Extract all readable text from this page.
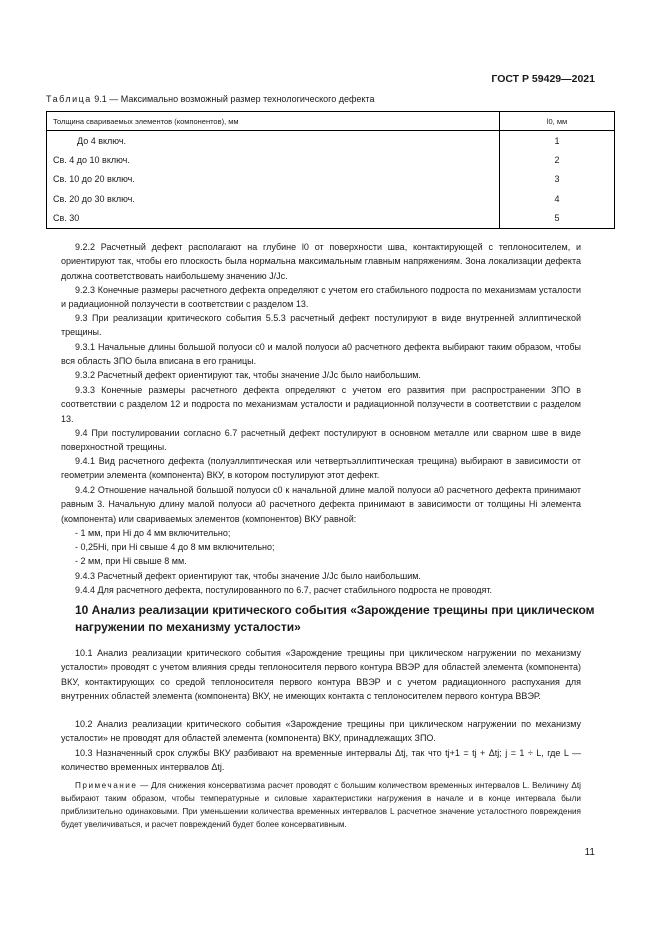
ГОСТ Р 59429—2021
Таблица 9.1 — Максимально возможный размер технологического дефекта
Толщина свариваемых элементов (компонентов), мм	l0, мм
До 4 включ.	1
Св. 4 до 10 включ.	2
Св. 10 до 20 включ.	3
Св. 20 до 30 включ.	4
Св. 30	5
9.2.2 Расчетный дефект располагают на глубине l0 от поверхности шва, контактирующей с теплоносителем, и ориентируют так, чтобы его плоскость была нормальна максимальным главным напряжениям. Зона локализации дефекта должна соответствовать наибольшему значению J/Jc.
9.2.3 Конечные размеры расчетного дефекта определяют с учетом его стабильного подроста по механизмам усталости и радиационной ползучести в соответствии с разделом 13.
9.3 При реализации критического события 5.5.3 расчетный дефект постулируют в виде внутренней эллиптической трещины.
9.3.1 Начальные длины большой полуоси c0 и малой полуоси a0 расчетного дефекта выбирают таким образом, чтобы вся область ЗПО была вписана в его границы.
9.3.2 Расчетный дефект ориентируют так, чтобы значение J/Jc было наибольшим.
9.3.3 Конечные размеры расчетного дефекта определяют с учетом его развития при распространении ЗПО в соответствии с разделом 12 и подроста по механизмам усталости и радиационной ползучести в соответствии с разделом 13.
9.4 При постулировании согласно 6.7 расчетный дефект постулируют в основном металле или сварном шве в виде поверхностной трещины.
9.4.1 Вид расчетного дефекта (полуэллиптическая или четвертьэллиптическая трещина) выбирают в зависимости от геометрии элемента (компонента) ВКУ, в котором постулируют этот дефект.
9.4.2 Отношение начальной большой полуоси c0 к начальной длине малой полуоси a0 расчетного дефекта принимают равным 3. Начальную длину малой полуоси a0 расчетного дефекта принимают в зависимости от толщины Hi элемента (компонента) или свариваемых элементов (компонентов) ВКУ равной:
- 1 мм, при Hi до 4 мм включительно;
- 0,25Hi, при Hi свыше 4 до 8 мм включительно;
- 2 мм, при Hi свыше 8 мм.
9.4.3 Расчетный дефект ориентируют так, чтобы значение J/Jc было наибольшим.
9.4.4 Для расчетного дефекта, постулированного по 6.7, расчет стабильного подроста не проводят.
10 Анализ реализации критического события «Зарождение трещины при циклическом нагружении по механизму усталости»
10.1 Анализ реализации критического события «Зарождение трещины при циклическом нагружении по механизму усталости» проводят с учетом влияния среды теплоносителя первого контура ВВЭР для областей элемента (компонента) ВКУ, контактирующих со средой теплоносителя первого контура ВВЭР и с учетом радиационного распухания для внутренних областей элемента (компонента) ВКУ, не имеющих контакта с теплоносителем первого контура ВВЭР.
10.2 Анализ реализации критического события «Зарождение трещины при циклическом нагружении по механизму усталости» не проводят для областей элемента (компонента) ВКУ, принадлежащих ЗПО.
10.3 Назначенный срок службы ВКУ разбивают на временные интервалы Δtj, так что tj+1 = tj + Δtj; j = 1 ÷ L, где L — количество временных интервалов Δtj.
Примечание — Для снижения консерватизма расчет проводят с большим количеством временных интервалов L. Величину Δtj выбирают таким образом, чтобы температурные и силовые характеристики нагружения в начале и в конце интервала были приблизительно одинаковыми. При уменьшении количества временных интервалов L расчетное значение усталостного повреждения будет увеличиваться, и расчет повреждений будет более консервативным.
11
